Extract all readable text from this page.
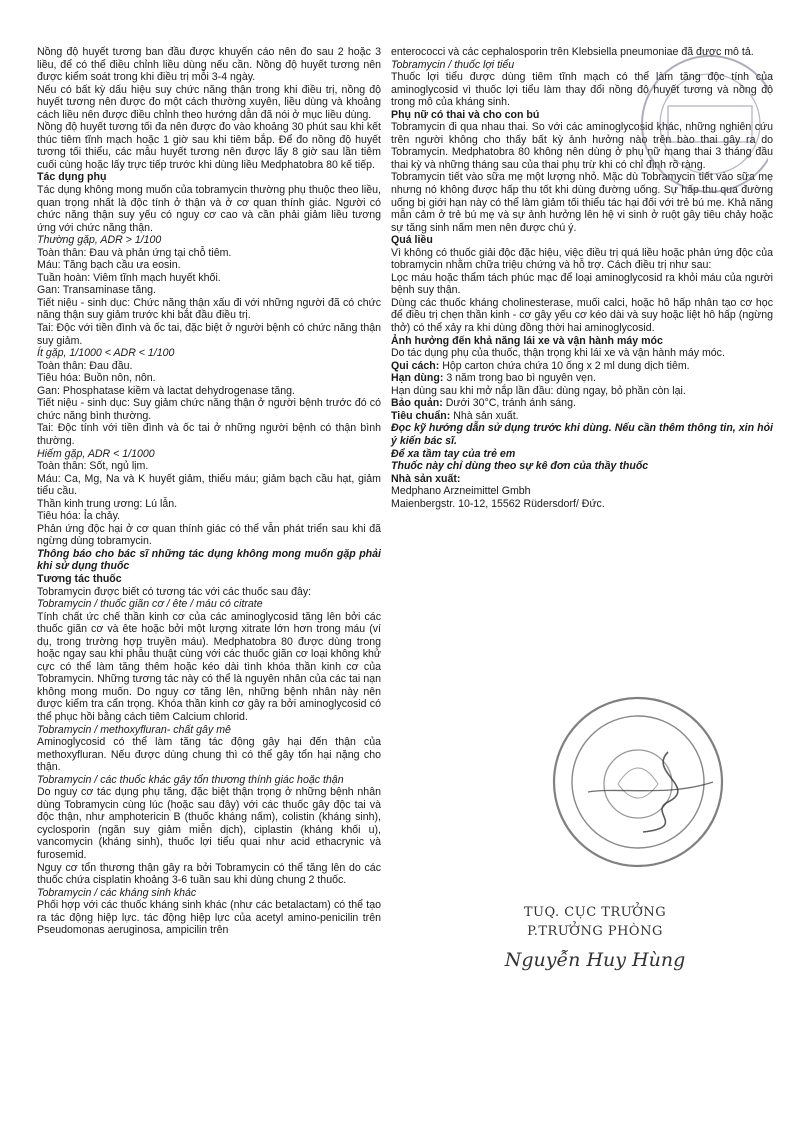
Nồng độ huyết tương ban đầu được khuyến cáo nên đo sau 2 hoặc 3 liều, để có thể điều chỉnh liều dùng nếu cần. Nồng độ huyết tương nên được kiểm soát trong khi điều trị mỗi 3-4 ngày.

Nếu có bất kỳ dấu hiệu suy chức năng thận trong khi điều trị, nồng độ huyết tương nên được đo một cách thường xuyên, liều dùng và khoảng cách liều nên được điều chỉnh theo hướng dẫn đã nói ở mục liều dùng.

Nồng độ huyết tương tối đa nên được đo vào khoảng 30 phút sau khi kết thúc tiêm tĩnh mạch hoặc 1 giờ sau khi tiêm bắp. Để đo nồng độ huyết tương tối thiểu, các mẫu huyết tương nên được lấy 8 giờ sau lần tiêm cuối cùng hoặc lấy trực tiếp trước khi dùng liều Medphatobra 80 kế tiếp.

Tác dụng phụ

Tác dụng không mong muốn của tobramycin thường phụ thuộc theo liều, quan trọng nhất là độc tính ở thận và ở cơ quan thính giác. Người có chức năng thận suy yếu có nguy cơ cao và cần phải giảm liều tương ứng với chức năng thận.

Thường gặp, ADR > 1/100

Toàn thân: Đau và phản ứng tại chỗ tiêm.

Máu: Tăng bạch cầu ưa eosin.

Tuần hoàn: Viêm tĩnh mạch huyết khối.

Gan: Transaminase tăng.

Tiết niệu - sinh dục: Chức năng thận xấu đi với những người đã có chức năng thận suy giảm trước khi bắt đầu điều trị.

Tai: Độc với tiền đình và ốc tai, đặc biệt ở người bệnh có chức năng thận suy giảm.

Ít gặp, 1/1000 < ADR < 1/100

Toàn thân: Đau đầu.

Tiêu hóa: Buồn nôn, nôn.

Gan: Phosphatase kiềm và lactat dehydrogenase tăng.

Tiết niệu - sinh dục: Suy giảm chức năng thận ở người bệnh trước đó có chức năng bình thường.

Tai: Độc tính với tiền đình và ốc tai ở những người bệnh có thận bình thường.

Hiếm gặp, ADR < 1/1000

Toàn thân: Sốt, ngủ lịm.

Máu: Ca, Mg, Na và K huyết giảm, thiếu máu; giảm bạch cầu hạt, giảm tiểu cầu.

Thần kinh trung ương: Lú lẫn.

Tiêu hóa: Ỉa chảy.

Phản ứng độc hại ở cơ quan thính giác có thể vẫn phát triển sau khi đã ngừng dùng tobramycin.

Thông báo cho bác sĩ những tác dụng không mong muốn gặp phải khi sử dụng thuốc

Tương tác thuốc

Tobramycin được biết có tương tác với các thuốc sau đây:

Tobramycin / thuốc giãn cơ / ête / máu có citrate

Tính chất ức chế thần kinh cơ của các aminoglycosid tăng lên bởi các thuốc giãn cơ và ête hoặc bởi một lượng xitrate lớn hơn trong máu (ví dụ, trong trường hợp truyền máu). Medphatobra 80 được dùng trong hoặc ngay sau khi phẫu thuật cùng với các thuốc giãn cơ loại không khử cực có thể làm tăng thêm hoặc kéo dài tình khóa thần kinh cơ của Tobramycin. Những tương tác này có thể là nguyên nhân của các tai nạn không mong muốn. Do nguy cơ tăng lên, những bệnh nhân này nên được kiểm tra cẩn trọng. Khóa thần kinh cơ gây ra bởi aminoglycosid có thể phục hồi bằng cách tiêm Calcium chlorid.

Tobramycin / methoxyfluran- chất gây mê

Aminoglycosid có thể làm tăng tác động gây hại đến thận của methoxyfluran. Nếu được dùng chung thì có thể gây tổn hại nặng cho thận.

Tobramycin / các thuốc khác gây tổn thương thính giác hoặc thận

Do nguy cơ tác dụng phụ tăng, đặc biệt thận trọng ở những bệnh nhân dùng Tobramycin cùng lúc (hoặc sau đây) với các thuốc gây độc tai và độc thận, như amphotericin B (thuốc kháng nấm), colistin (kháng sinh), cyclosporin (ngăn suy giảm miễn dịch), ciplastin (kháng khối u), vancomycin (kháng sinh), thuốc lợi tiểu quai như acid ethacrynic và furosemid.

Nguy cơ tổn thương thận gây ra bởi Tobramycin có thể tăng lên do các thuốc chứa cisplatin khoảng 3-6 tuần sau khi dùng chung 2 thuốc.

Tobramycin / các kháng sinh khác

Phối hợp với các thuốc kháng sinh khác (như các betalactam) có thể tạo ra tác động hiệp lực. tác động hiệp lực của acetyl amino-penicilin trên Pseudomonas aeruginosa, ampicilin trên

enterococci và các cephalosporin trên Klebsiella pneumoniae đã được mô tả.

Tobramycin / thuốc lợi tiểu

Thuốc lợi tiểu được dùng tiêm tĩnh mạch có thể làm tăng độc tính của aminoglycosid vì thuốc lợi tiểu làm thay đổi nồng độ huyết tương và nồng độ trong mô của kháng sinh.

Phụ nữ có thai và cho con bú

Tobramycin đi qua nhau thai. So với các aminoglycosid khác, những nghiên cứu trên người không cho thấy bất kỳ ảnh hưởng nào trên bào thai gây ra do Tobramycin. Medphatobra 80 không nên dùng ở phụ nữ mang thai 3 tháng đầu thai kỳ và những tháng sau của thai phụ trừ khi có chỉ định rõ ràng.

Tobramycin tiết vào sữa mẹ một lượng nhỏ. Mặc dù Tobramycin tiết vào sữa mẹ nhưng nó không được hấp thu tốt khi dùng đường uống. Sự hấp thu qua đường uống bị giới hạn này có thể làm giảm tối thiểu tác hại đối với trẻ bú mẹ. Khả năng mẫn cảm ở trẻ bú mẹ và sự ảnh hưởng lên hệ vi sinh ở ruột gây tiêu chảy hoặc sự tăng sinh nấm men nên được chú ý.

Quá liều

Vì không có thuốc giải độc đặc hiệu, việc điều trị quá liều hoặc phản ứng độc của tobramycin nhằm chữa triệu chứng và hỗ trợ. Cách điều trị như sau:

Lọc máu hoặc thẩm tách phúc mạc để loại aminoglycosid ra khỏi máu của người bệnh suy thận.

Dùng các thuốc kháng cholinesterase, muối calci, hoặc hô hấp nhân tạo cơ học để điều trị chẹn thần kinh - cơ gây yếu cơ kéo dài và suy hoặc liệt hô hấp (ngừng thở) có thể xảy ra khi dùng đồng thời hai aminoglycosid.

Ảnh hưởng đến khả năng lái xe và vận hành máy móc

Do tác dụng phụ của thuốc, thận trọng khi lái xe và vận hành máy móc.

Qui cách: Hộp carton chứa chứa 10 ống x 2 ml dung dịch tiêm.

Hạn dùng: 3 năm trong bao bì nguyên vẹn.

Hạn dùng sau khi mở nắp lần đầu: dùng ngay, bỏ phần còn lại.

Bảo quản: Dưới 30°C, tránh ánh sáng.

Tiêu chuẩn: Nhà sản xuất.

Đọc kỹ hướng dẫn sử dụng trước khi dùng. Nếu cần thêm thông tin, xin hỏi ý kiến bác sĩ.

Để xa tầm tay của trẻ em

Thuốc này chỉ dùng theo sự kê đơn của thầy thuốc

Nhà sản xuất:

Medphano Arzneimittel Gmbh

Maienbergstr. 10-12, 15562 Rüdersdorf/ Đức.

TUQ. CỤC TRƯỞNG
P.TRƯỞNG PHÒNG
Nguyễn Huy Hùng
